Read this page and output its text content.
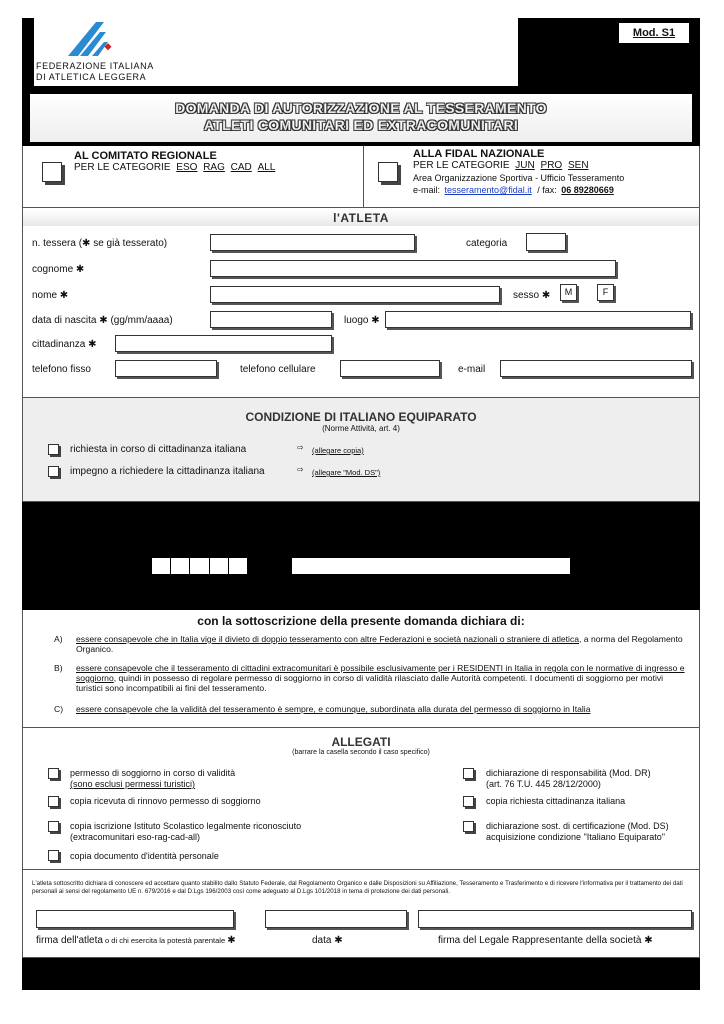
FEDERAZIONE ITALIANA
DI ATLETICA LEGGERA
Mod. S1
DOMANDA DI AUTORIZZAZIONE AL TESSERAMENTO
ATLETI COMUNITARI ED EXTRACOMUNITARI
AL COMITATO REGIONALE
PER LE CATEGORIE ESO RAG CAD ALL
ALLA FIDAL NAZIONALE
PER LE CATEGORIE JUN PRO SEN
Area Organizzazione Sportiva - Ufficio Tesseramento
e-mail: tesseramento@fidal.it / fax: 06 89280669
l'ATLETA
n. tessera (✱ se già tesserato)	categoria
cognome ✱
nome ✱	sesso ✱	M	F
data di nascita ✱ (gg/mm/aaaa)	luogo ✱
cittadinanza ✱
telefono fisso	telefono cellulare	e-mail
CONDIZIONE DI ITALIANO EQUIPARATO
(Norme Attività, art. 4)
richiesta in corso di cittadinanza italiana	⇨ (allegare copia)
impegno a richiedere la cittadinanza italiana	⇨ (allegare "Mod. DS")
con la sottoscrizione della presente domanda dichiara di:
A) essere consapevole che in Italia vige il divieto di doppio tesseramento con altre Federazioni e società nazionali o straniere di atletica, a norma del Regolamento Organico.
B) essere consapevole che il tesseramento di cittadini extracomunitari è possibile esclusivamente per i RESIDENTI in Italia in regola con le normative di ingresso e soggiorno, quindi in possesso di regolare permesso di soggiorno in corso di validità rilasciato dalle Autorità competenti. I documenti di soggiorno per motivi turistici sono incompatibili ai fini del tesseramento.
C) essere consapevole che la validità del tesseramento è sempre, e comunque, subordinata alla durata del permesso di soggiorno in Italia
ALLEGATI
(barrare la casella secondo il caso specifico)
permesso di soggiorno in corso di validità
(sono esclusi permessi turistici)
copia ricevuta di rinnovo permesso di soggiorno
copia iscrizione Istituto Scolastico legalmente riconosciuto
(extracomunitari eso-rag-cad-all)
copia documento d'identità personale
dichiarazione di responsabilità (Mod. DR)
(art. 76 T.U. 445 28/12/2000)
copia richiesta cittadinanza italiana
dichiarazione sost. di certificazione (Mod. DS)
acquisizione condizione "Italiano Equiparato"
L'atleta sottoscritto dichiara di conoscere ed accettare quanto stabilito dallo Statuto Federale, dal Regolamento Organico e dalle Disposizioni su Affiliazione, Tesseramento e Trasferimento e di ricevere l'informativa per il trattamento dei dati personali ai sensi del regolamento UE n. 679/2016 e dal D.Lgs 196/2003 così come adeguato al D.Lgs 101/2018 in tema di protezione dei dati personali.
firma dell'atleta o di chi esercita la potestà parentale ✱	data ✱	firma del Legale Rappresentante della società ✱
